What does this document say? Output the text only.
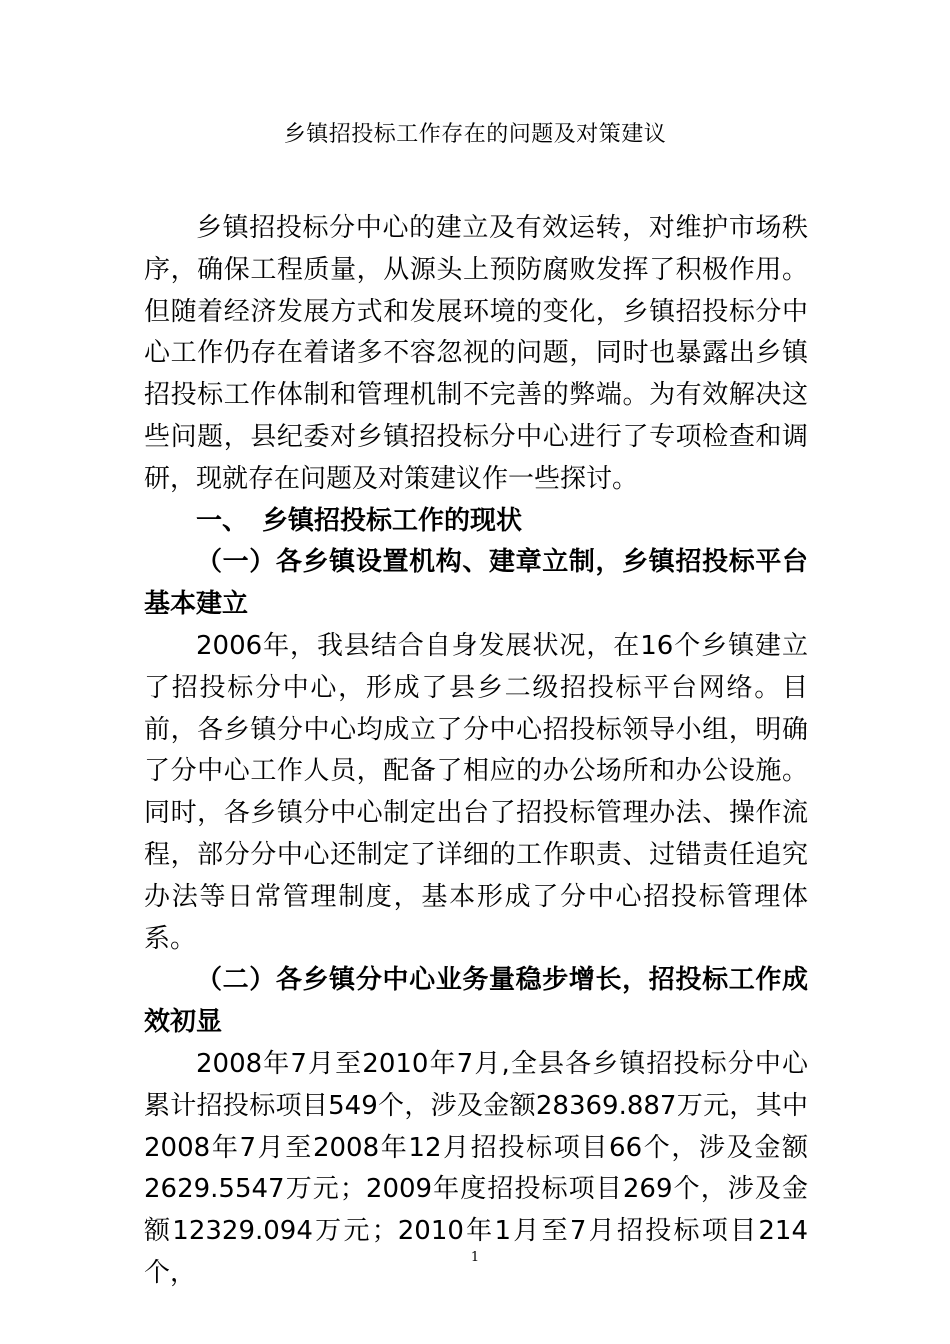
乡镇招投标工作存在的问题及对策建议

乡镇招投标分中心的建立及有效运转，对维护市场秩序，确保工程质量，从源头上预防腐败发挥了积极作用。但随着经济发展方式和发展环境的变化，乡镇招投标分中心工作仍存在着诸多不容忽视的问题，同时也暴露出乡镇招投标工作体制和管理机制不完善的弊端。为有效解决这些问题，县纪委对乡镇招投标分中心进行了专项检查和调研，现就存在问题及对策建议作一些探讨。

一、 乡镇招投标工作的现状

（一）各乡镇设置机构、建章立制，乡镇招投标平台基本建立

2006年，我县结合自身发展状况，在16个乡镇建立了招投标分中心，形成了县乡二级招投标平台网络。目前，各乡镇分中心均成立了分中心招投标领导小组，明确了分中心工作人员，配备了相应的办公场所和办公设施。同时，各乡镇分中心制定出台了招投标管理办法、操作流程，部分分中心还制定了详细的工作职责、过错责任追究办法等日常管理制度，基本形成了分中心招投标管理体系。

（二）各乡镇分中心业务量稳步增长，招投标工作成效初显

2008年7月至2010年7月,全县各乡镇招投标分中心累计招投标项目549个，涉及金额28369.887万元，其中2008年7月至2008年12月招投标项目66个，涉及金额2629.5547万元；2009年度招投标项目269个，涉及金额12329.094万元；2010年1月至7月招投标项目214个，

1
